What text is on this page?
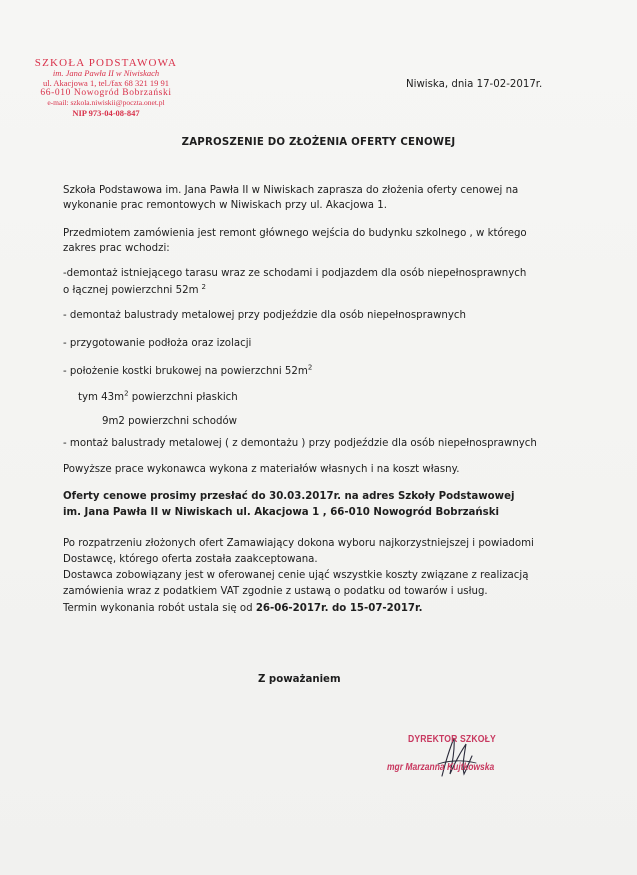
SZKOŁA PODSTAWOWA
im. Jana Pawła II w Niwiskach
ul. Akacjowa 1, tel./fax 68 321 19 91
66-010 Nowogród Bobrzański
e-mail: szkola.niwiskii@poczta.onet.pl
NIP 973-04-08-847
Niwiska, dnia 17-02-2017r.
ZAPROSZENIE DO ZŁOŻENIA OFERTY CENOWEJ
Szkoła Podstawowa im. Jana Pawła II w Niwiskach zaprasza do złożenia oferty cenowej na
wykonanie prac remontowych w Niwiskach przy ul. Akacjowa 1.
Przedmiotem zamówienia jest remont głównego wejścia do budynku szkolnego , w którego
zakres prac wchodzi:
-demontaż istniejącego tarasu wraz ze schodami i podjazdem dla osób niepełnosprawnych
o łącznej powierzchni 52m $^2$
- demontaż balustrady metalowej przy podjeździe dla osób niepełnosprawnych
- przygotowanie podłoża oraz izolacji
- położenie kostki brukowej na powierzchni $52m^2$
tym $43m^2$ powierzchni płaskich
9m2 powierzchni schodów
- montaż balustrady metalowej ( z demontażu ) przy podjeździe dla osób niepełnosprawnych
Powyższe prace wykonawca wykona z materiałów własnych i na koszt własny.
Oferty cenowe prosimy przesłać do 30.03.2017r. na adres Szkoły Podstawowej
im. Jana Pawła II w Niwiskach ul. Akacjowa 1 , 66-010 Nowogród Bobrzański
Po rozpatrzeniu złożonych ofert Zamawiający dokona wyboru najkorzystniejszej i powiadomi
Dostawcę, którego oferta została zaakceptowana.
Dostawca zobowiązany jest w oferowanej cenie ująć wszystkie koszty związane z realizacją
zamówienia wraz z podatkiem VAT zgodnie z ustawą o podatku od towarów i usług.
Termin wykonania robót ustala się od 26-06-2017r. do 15-07-2017r.
Z poważaniem
DYREKTOR SZKOŁY
mgr Marzanna Kujtkowska
